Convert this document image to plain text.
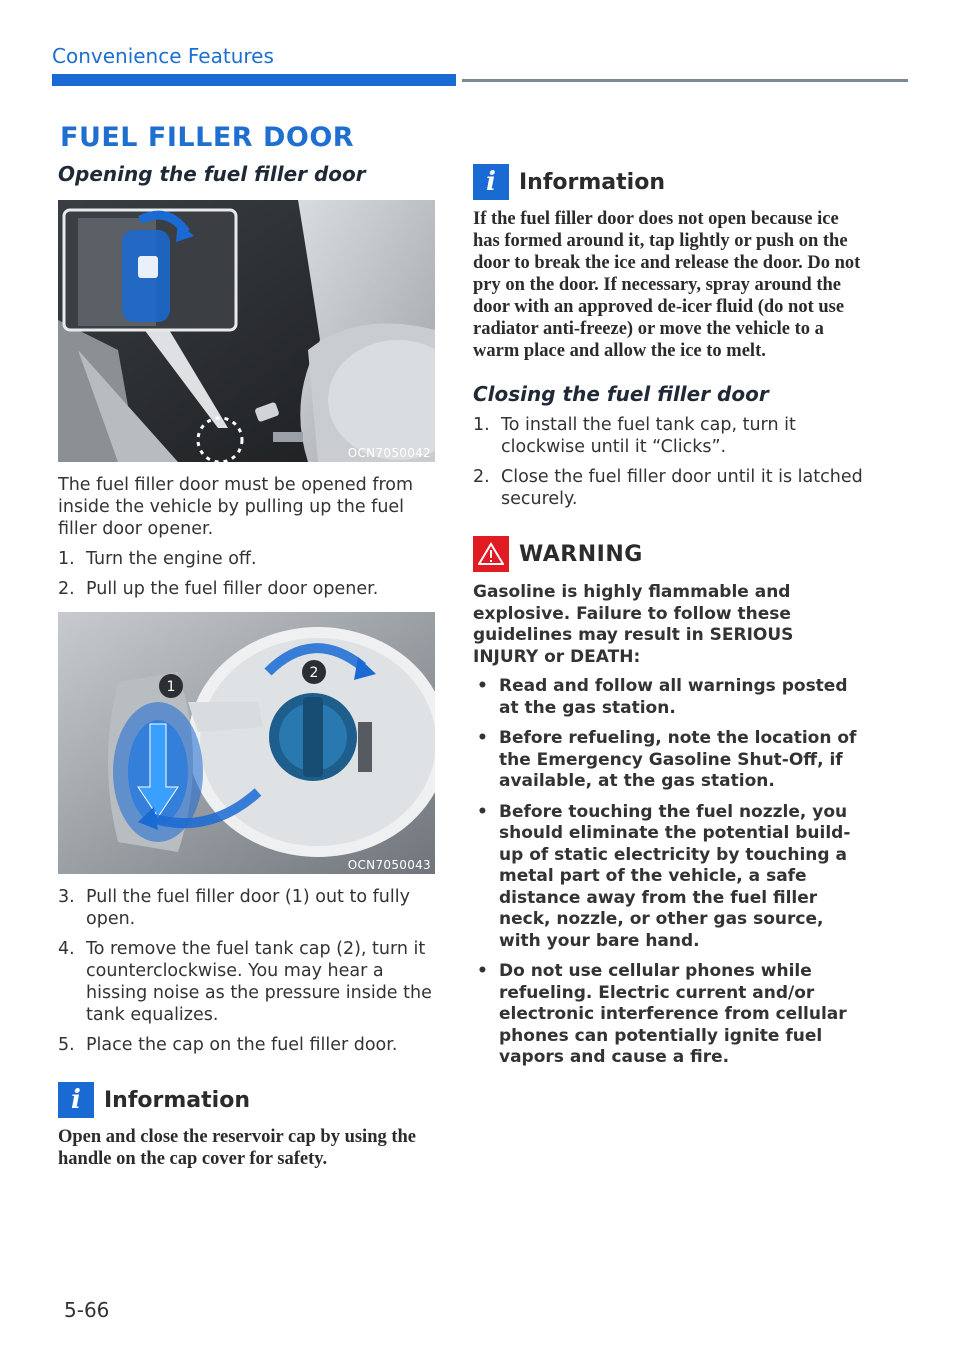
Convenience Features
FUEL FILLER DOOR
Opening the fuel filler door
OCN7050042
The fuel filler door must be opened from inside the vehicle by pulling up the fuel filler door opener.
1. Turn the engine off.
2. Pull up the fuel filler door opener.
1
2
OCN7050043
3. Pull the fuel filler door (1) out to fully open.
4. To remove the fuel tank cap (2), turn it counterclockwise. You may hear a hissing noise as the pressure inside the tank equalizes.
5. Place the cap on the fuel filler door.
i	Information
Open and close the reservoir cap by using the handle on the cap cover for safety.
i	Information
If the fuel filler door does not open because ice has formed around it, tap lightly or push on the door to break the ice and release the door. Do not pry on the door. If necessary, spray around the door with an approved de-icer fluid (do not use radiator anti-freeze) or move the vehicle to a warm place and allow the ice to melt.
Closing the fuel filler door
1. To install the fuel tank cap, turn it clockwise until it “Clicks”.
2. Close the fuel filler door until it is latched securely.
WARNING
Gasoline is highly flammable and explosive. Failure to follow these guidelines may result in SERIOUS INJURY or DEATH:
• Read and follow all warnings posted at the gas station.
• Before refueling, note the location of the Emergency Gasoline Shut-Off, if available, at the gas station.
• Before touching the fuel nozzle, you should eliminate the potential build-up of static electricity by touching a metal part of the vehicle, a safe distance away from the fuel filler neck, nozzle, or other gas source, with your bare hand.
• Do not use cellular phones while refueling. Electric current and/or electronic interference from cellular phones can potentially ignite fuel vapors and cause a fire.
5-66
